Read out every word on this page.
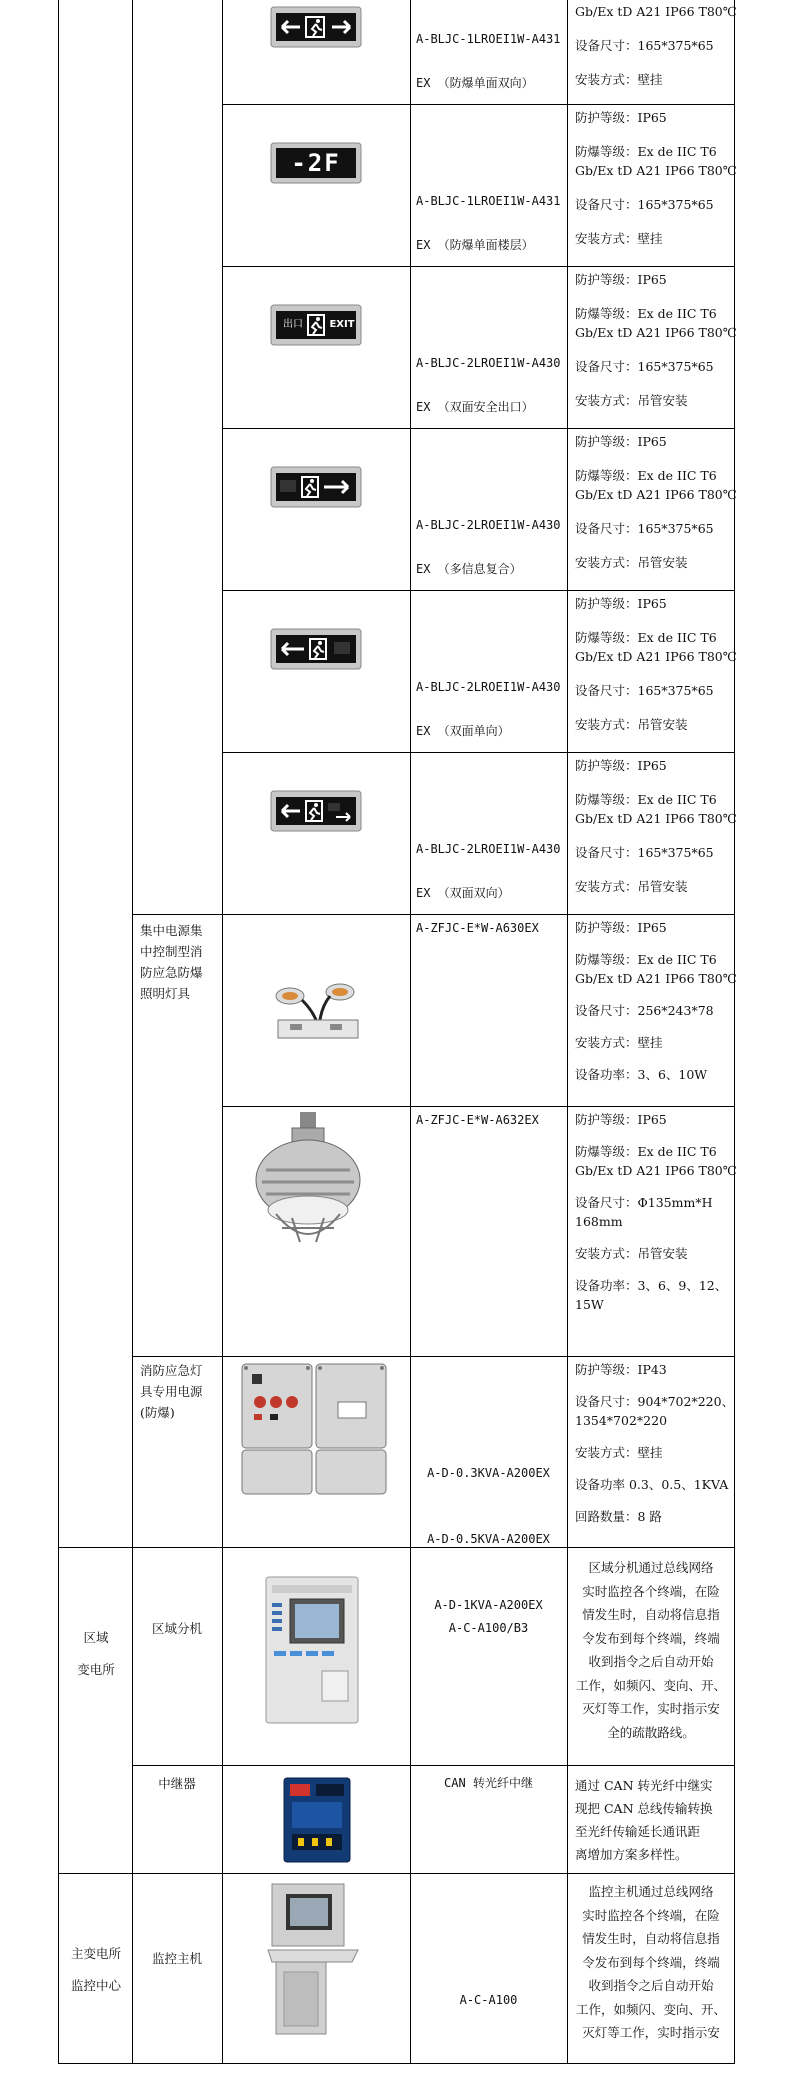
区域
变电所
主变电所
监控中心
集中电源集
中控制型消
防应急防爆
照明灯具
消防应急灯
具专用电源
(防爆)
区域分机
中继器
监控主机
-2F
出口	EXIT

A-BLJC-1LROEI1W-A431

EX （防爆单面双向）

A-BLJC-1LROEI1W-A431

EX （防爆单面楼层）

A-BLJC-2LROEI1W-A430

EX （双面安全出口）

A-BLJC-2LROEI1W-A430

EX （多信息复合）

A-BLJC-2LROEI1W-A430

EX （双面单向）

A-BLJC-2LROEI1W-A430

EX （双面双向）

A-ZFJC-E*W-A630EX
A-ZFJC-E*W-A632EX

A-D-0.3KVA-A200EX

A-D-0.5KVA-A200EX

A-D-1KVA-A200EX

A-C-A100/B3
CAN 转光纤中继
A-C-A100
Gb/Ex tD A21 IP66 T80℃
设备尺寸：165*375*65
安装方式：壁挂
防护等级：IP65
防爆等级：Ex de IIC T6
Gb/Ex tD A21 IP66 T80℃
设备尺寸：165*375*65
安装方式：壁挂
防护等级：IP65
防爆等级：Ex de IIC T6
Gb/Ex tD A21 IP66 T80℃
设备尺寸：165*375*65
安装方式：吊管安装
防护等级：IP65
防爆等级：Ex de IIC T6
Gb/Ex tD A21 IP66 T80℃
设备尺寸：165*375*65
安装方式：吊管安装
防护等级：IP65
防爆等级：Ex de IIC T6
Gb/Ex tD A21 IP66 T80℃
设备尺寸：165*375*65
安装方式：吊管安装
防护等级：IP65
防爆等级：Ex de IIC T6
Gb/Ex tD A21 IP66 T80℃
设备尺寸：165*375*65
安装方式：吊管安装
防护等级：IP65
防爆等级：Ex de IIC T6
Gb/Ex tD A21 IP66 T80℃
设备尺寸：256*243*78
安装方式：壁挂
设备功率：3、6、10W
防护等级：IP65
防爆等级：Ex de IIC T6
Gb/Ex tD A21 IP66 T80℃
设备尺寸：Φ135mm*H
168mm
安装方式：吊管安装
设备功率：3、6、9、12、
15W
防护等级：IP43
设备尺寸：904*702*220、
1354*702*220
安装方式：壁挂
设备功率 0.3、0.5、1KVA
回路数量：8 路
区域分机通过总线网络
实时监控各个终端，在险
情发生时，自动将信息指
令发布到每个终端，终端
收到指令之后自动开始
工作，如频闪、变向、开、
灭灯等工作，实时指示安
全的疏散路线。
通过 CAN 转光纤中继实
现把 CAN 总线传输转换
至光纤传输延长通讯距
离增加方案多样性。
监控主机通过总线网络
实时监控各个终端，在险
情发生时，自动将信息指
令发布到每个终端，终端
收到指令之后自动开始
工作，如频闪、变向、开、
灭灯等工作，实时指示安
